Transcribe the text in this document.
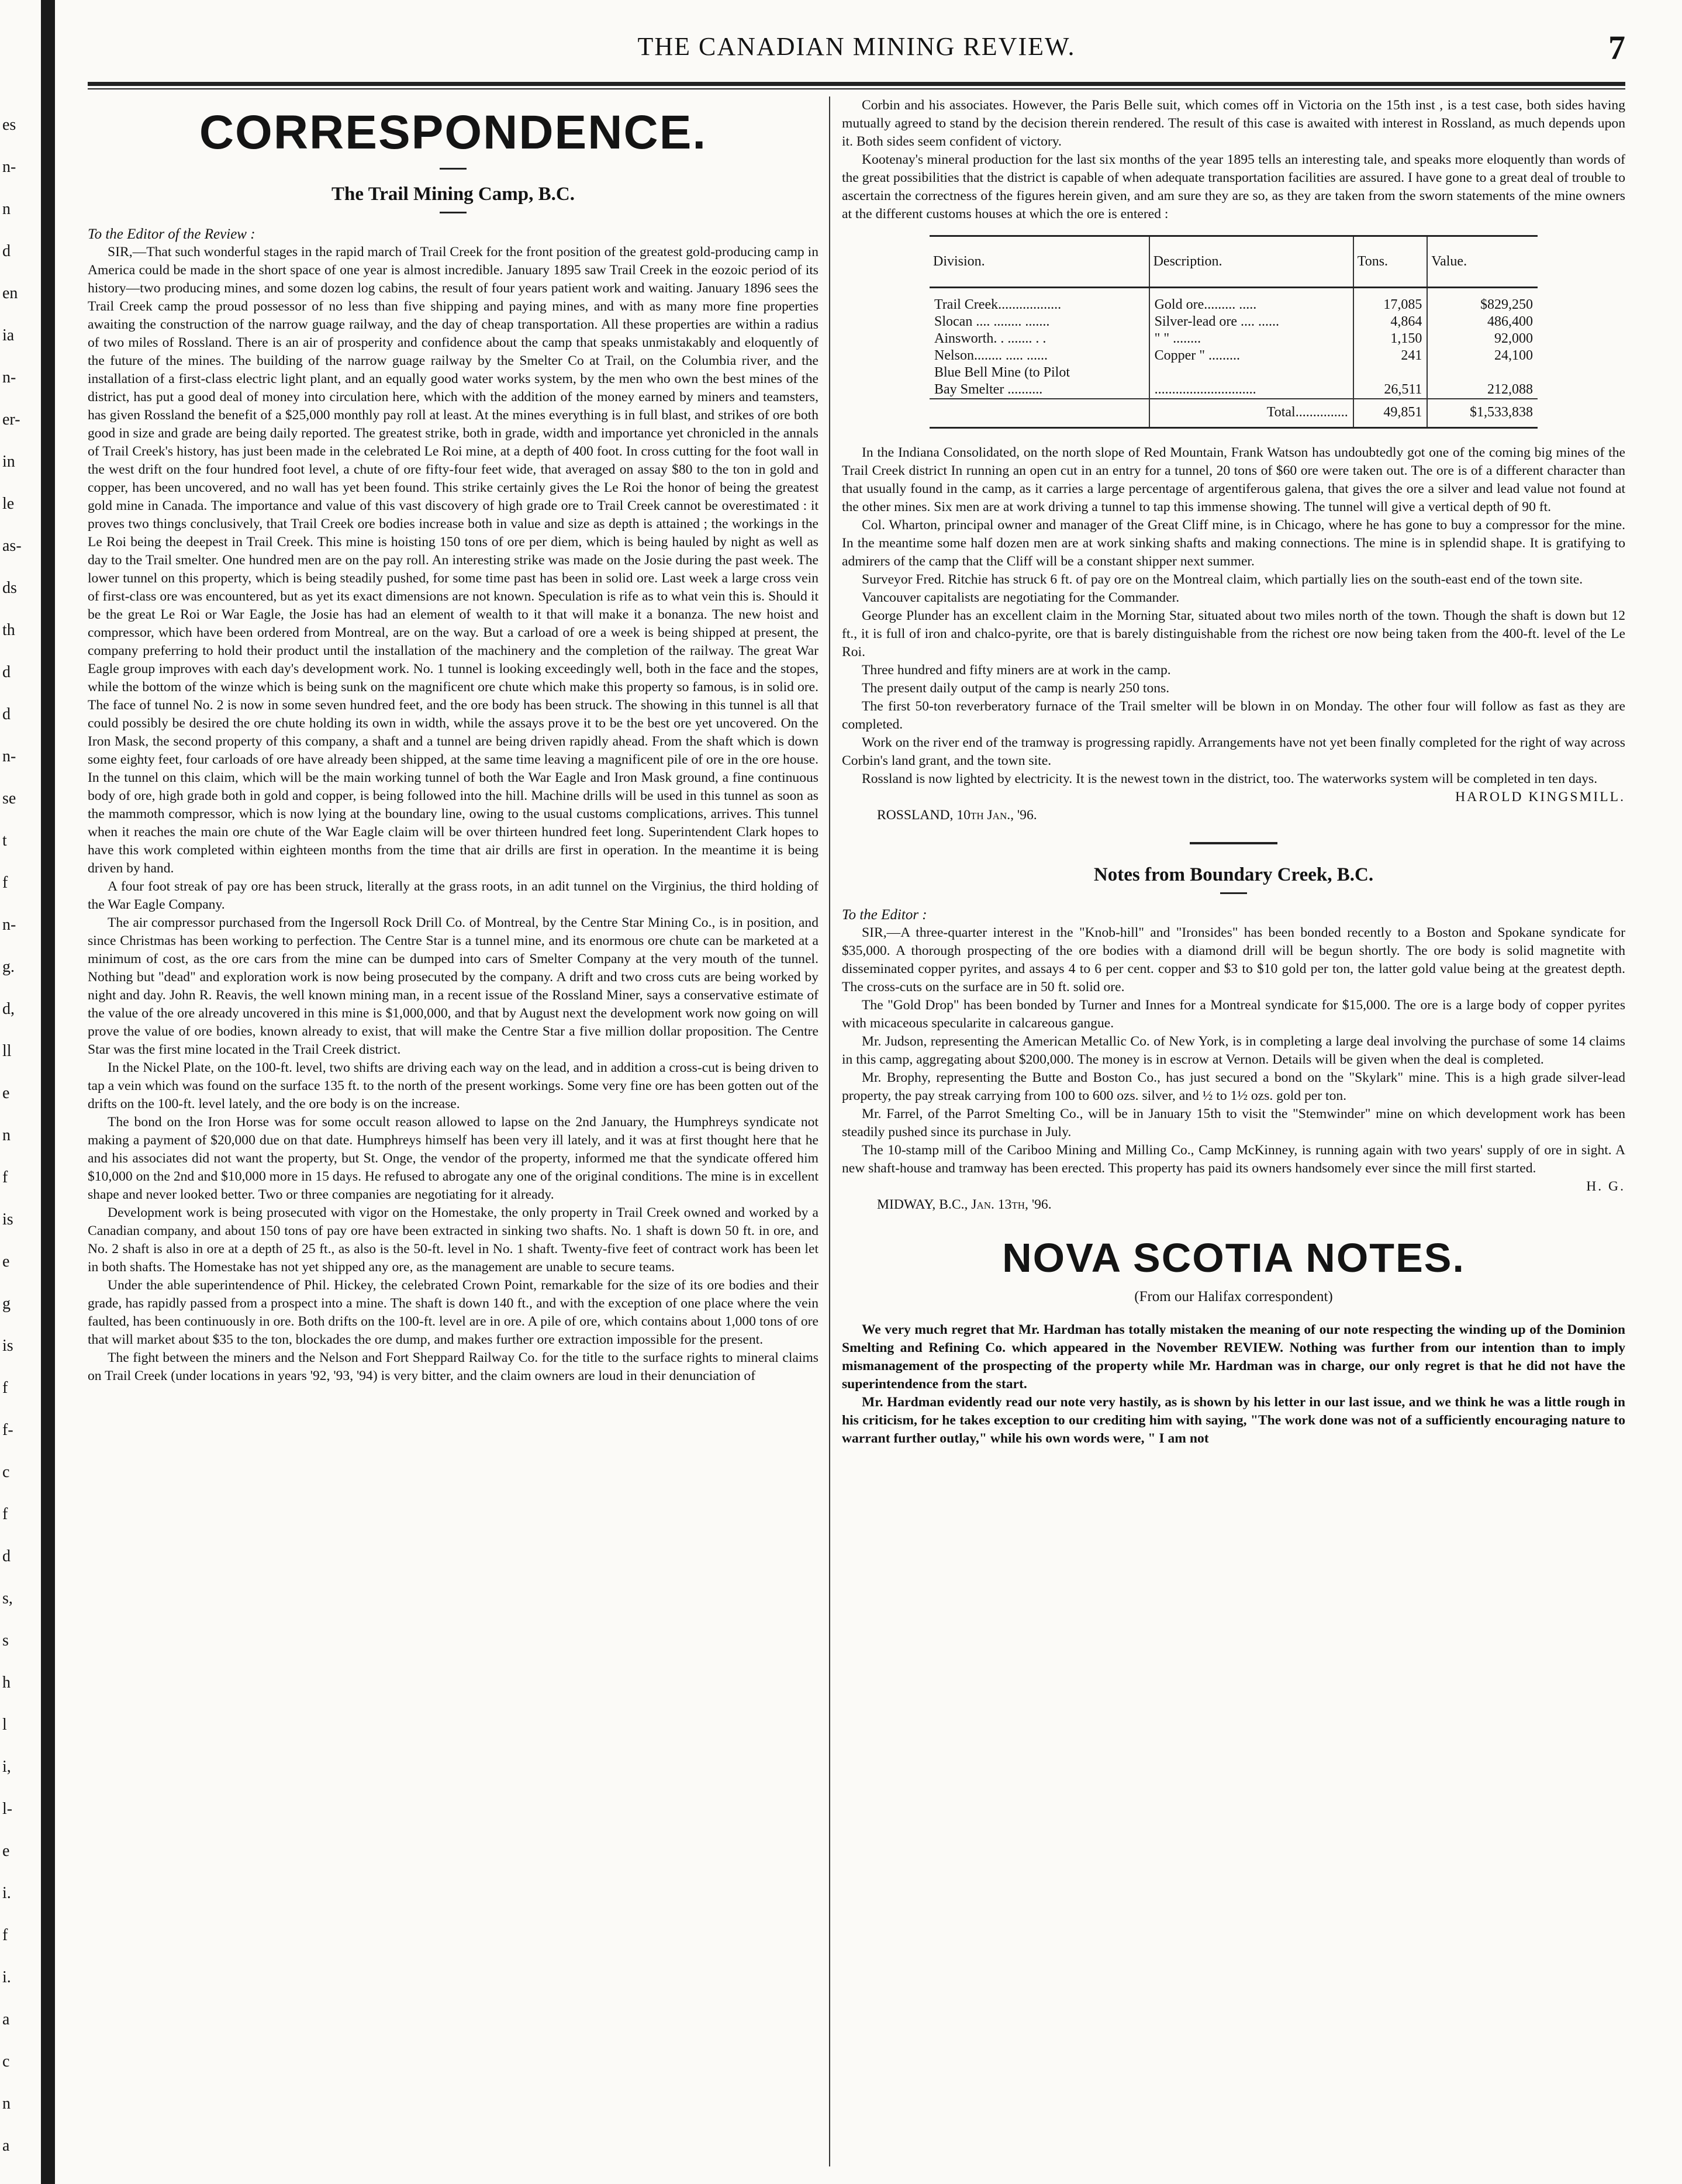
es
n-
n
d
en
ia
n-
er-
in
le
as-
ds
th
d
d
n-
se
t
f
n-
g.
d,
ll
e
n
f
is
e
g
is
f
f-
c
f
d
s,
s
h
l
i,
l-
e
i.
f
i.
a
c
n
a
THE CANADIAN MINING REVIEW.	7
CORRESPONDENCE.
The Trail Mining Camp, B.C.

To the Editor of the Review :

SIR,—That such wonderful stages in the rapid march of Trail Creek for the front position of the greatest gold-producing camp in America could be made in the short space of one year is almost incredible. January 1895 saw Trail Creek in the eozoic period of its history—two producing mines, and some dozen log cabins, the result of four years patient work and waiting. January 1896 sees the Trail Creek camp the proud possessor of no less than five shipping and paying mines, and with as many more fine properties awaiting the construction of the narrow guage railway, and the day of cheap transportation. All these properties are within a radius of two miles of Rossland. There is an air of prosperity and confidence about the camp that speaks unmistakably and eloquently of the future of the mines. The building of the narrow guage railway by the Smelter Co at Trail, on the Columbia river, and the installation of a first-class electric light plant, and an equally good water works system, by the men who own the best mines of the district, has put a good deal of money into circulation here, which with the addition of the money earned by miners and teamsters, has given Rossland the benefit of a $25,000 monthly pay roll at least. At the mines everything is in full blast, and strikes of ore both good in size and grade are being daily reported. The greatest strike, both in grade, width and importance yet chronicled in the annals of Trail Creek's history, has just been made in the celebrated Le Roi mine, at a depth of 400 foot. In cross cutting for the foot wall in the west drift on the four hundred foot level, a chute of ore fifty-four feet wide, that averaged on assay $80 to the ton in gold and copper, has been uncovered, and no wall has yet been found. This strike certainly gives the Le Roi the honor of being the greatest gold mine in Canada. The importance and value of this vast discovery of high grade ore to Trail Creek cannot be overestimated : it proves two things conclusively, that Trail Creek ore bodies increase both in value and size as depth is attained ; the workings in the Le Roi being the deepest in Trail Creek. This mine is hoisting 150 tons of ore per diem, which is being hauled by night as well as day to the Trail smelter. One hundred men are on the pay roll. An interesting strike was made on the Josie during the past week. The lower tunnel on this property, which is being steadily pushed, for some time past has been in solid ore. Last week a large cross vein of first-class ore was encountered, but as yet its exact dimensions are not known. Speculation is rife as to what vein this is. Should it be the great Le Roi or War Eagle, the Josie has had an element of wealth to it that will make it a bonanza. The new hoist and compressor, which have been ordered from Montreal, are on the way. But a carload of ore a week is being shipped at present, the company preferring to hold their product until the installation of the machinery and the completion of the railway. The great War Eagle group improves with each day's development work. No. 1 tunnel is looking exceedingly well, both in the face and the stopes, while the bottom of the winze which is being sunk on the magnificent ore chute which make this property so famous, is in solid ore. The face of tunnel No. 2 is now in some seven hundred feet, and the ore body has been struck. The showing in this tunnel is all that could possibly be desired the ore chute holding its own in width, while the assays prove it to be the best ore yet uncovered. On the Iron Mask, the second property of this company, a shaft and a tunnel are being driven rapidly ahead. From the shaft which is down some eighty feet, four carloads of ore have already been shipped, at the same time leaving a magnificent pile of ore in the ore house. In the tunnel on this claim, which will be the main working tunnel of both the War Eagle and Iron Mask ground, a fine continuous body of ore, high grade both in gold and copper, is being followed into the hill. Machine drills will be used in this tunnel as soon as the mammoth compressor, which is now lying at the boundary line, owing to the usual customs complications, arrives. This tunnel when it reaches the main ore chute of the War Eagle claim will be over thirteen hundred feet long. Superintendent Clark hopes to have this work completed within eighteen months from the time that air drills are first in operation. In the meantime it is being driven by hand.

A four foot streak of pay ore has been struck, literally at the grass roots, in an adit tunnel on the Virginius, the third holding of the War Eagle Company.

The air compressor purchased from the Ingersoll Rock Drill Co. of Montreal, by the Centre Star Mining Co., is in position, and since Christmas has been working to perfection. The Centre Star is a tunnel mine, and its enormous ore chute can be marketed at a minimum of cost, as the ore cars from the mine can be dumped into cars of Smelter Company at the very mouth of the tunnel. Nothing but "dead" and exploration work is now being prosecuted by the company. A drift and two cross cuts are being worked by night and day. John R. Reavis, the well known mining man, in a recent issue of the Rossland Miner, says a conservative estimate of the value of the ore already uncovered in this mine is $1,000,000, and that by August next the development work now going on will prove the value of ore bodies, known already to exist, that will make the Centre Star a five million dollar proposition. The Centre Star was the first mine located in the Trail Creek district.

In the Nickel Plate, on the 100-ft. level, two shifts are driving each way on the lead, and in addition a cross-cut is being driven to tap a vein which was found on the surface 135 ft. to the north of the present workings. Some very fine ore has been gotten out of the drifts on the 100-ft. level lately, and the ore body is on the increase.

The bond on the Iron Horse was for some occult reason allowed to lapse on the 2nd January, the Humphreys syndicate not making a payment of $20,000 due on that date. Humphreys himself has been very ill lately, and it was at first thought here that he and his associates did not want the property, but St. Onge, the vendor of the property, informed me that the syndicate offered him $10,000 on the 2nd and $10,000 more in 15 days. He refused to abrogate any one of the original conditions. The mine is in excellent shape and never looked better. Two or three companies are negotiating for it already.

Development work is being prosecuted with vigor on the Homestake, the only property in Trail Creek owned and worked by a Canadian company, and about 150 tons of pay ore have been extracted in sinking two shafts. No. 1 shaft is down 50 ft. in ore, and No. 2 shaft is also in ore at a depth of 25 ft., as also is the 50-ft. level in No. 1 shaft. Twenty-five feet of contract work has been let in both shafts. The Homestake has not yet shipped any ore, as the management are unable to secure teams.

Under the able superintendence of Phil. Hickey, the celebrated Crown Point, remarkable for the size of its ore bodies and their grade, has rapidly passed from a prospect into a mine. The shaft is down 140 ft., and with the exception of one place where the vein faulted, has been continuously in ore. Both drifts on the 100-ft. level are in ore. A pile of ore, which contains about 1,000 tons of ore that will market about $35 to the ton, blockades the ore dump, and makes further ore extraction impossible for the present.

The fight between the miners and the Nelson and Fort Sheppard Railway Co. for the title to the surface rights to mineral claims on Trail Creek (under locations in years '92, '93, '94) is very bitter, and the claim owners are loud in their denunciation of

Corbin and his associates. However, the Paris Belle suit, which comes off in Victoria on the 15th inst , is a test case, both sides having mutually agreed to stand by the decision therein rendered. The result of this case is awaited with interest in Rossland, as much depends upon it. Both sides seem confident of victory.

Kootenay's mineral production for the last six months of the year 1895 tells an interesting tale, and speaks more eloquently than words of the great possibilities that the district is capable of when adequate transportation facilities are assured. I have gone to a great deal of trouble to ascertain the correctness of the figures herein given, and am sure they are so, as they are taken from the sworn statements of the mine owners at the different customs houses at which the ore is entered :

Division.	Description.	Tons.	Value.
Trail Creek..................	Gold ore......... .....	17,085	$829,250
Slocan .... ........ .......	Silver-lead ore .... ......	4,864	486,400
Ainsworth. . ....... . .	" " ........	1,150	92,000
Nelson........ ..... ......	Copper " .........	241	24,100
Blue Bell Mine (to Pilot			
Bay Smelter ..........	.............................	26,511	212,088
	Total...............	49,851	$1,533,838

In the Indiana Consolidated, on the north slope of Red Mountain, Frank Watson has undoubtedly got one of the coming big mines of the Trail Creek district In running an open cut in an entry for a tunnel, 20 tons of $60 ore were taken out. The ore is of a different character than that usually found in the camp, as it carries a large percentage of argentiferous galena, that gives the ore a silver and lead value not found at the other mines. Six men are at work driving a tunnel to tap this immense showing. The tunnel will give a vertical depth of 90 ft.

Col. Wharton, principal owner and manager of the Great Cliff mine, is in Chicago, where he has gone to buy a compressor for the mine. In the meantime some half dozen men are at work sinking shafts and making connections. The mine is in splendid shape. It is gratifying to admirers of the camp that the Cliff will be a constant shipper next summer.

Surveyor Fred. Ritchie has struck 6 ft. of pay ore on the Montreal claim, which partially lies on the south-east end of the town site.

Vancouver capitalists are negotiating for the Commander.

George Plunder has an excellent claim in the Morning Star, situated about two miles north of the town. Though the shaft is down but 12 ft., it is full of iron and chalco-pyrite, ore that is barely distinguishable from the richest ore now being taken from the 400-ft. level of the Le Roi.

Three hundred and fifty miners are at work in the camp.

The present daily output of the camp is nearly 250 tons.

The first 50-ton reverberatory furnace of the Trail smelter will be blown in on Monday. The other four will follow as fast as they are completed.

Work on the river end of the tramway is progressing rapidly. Arrangements have not yet been finally completed for the right of way across Corbin's land grant, and the town site.

Rossland is now lighted by electricity. It is the newest town in the district, too. The waterworks system will be completed in ten days.

HAROLD KINGSMILL.

ROSSLAND, 10th Jan., '96.

Notes from Boundary Creek, B.C.

To the Editor :

SIR,—A three-quarter interest in the "Knob-hill" and "Ironsides" has been bonded recently to a Boston and Spokane syndicate for $35,000. A thorough prospecting of the ore bodies with a diamond drill will be begun shortly. The ore body is solid magnetite with disseminated copper pyrites, and assays 4 to 6 per cent. copper and $3 to $10 gold per ton, the latter gold value being at the greatest depth. The cross-cuts on the surface are in 50 ft. solid ore.

The "Gold Drop" has been bonded by Turner and Innes for a Montreal syndicate for $15,000. The ore is a large body of copper pyrites with micaceous specularite in calcareous gangue.

Mr. Judson, representing the American Metallic Co. of New York, is in completing a large deal involving the purchase of some 14 claims in this camp, aggregating about $200,000. The money is in escrow at Vernon. Details will be given when the deal is completed.

Mr. Brophy, representing the Butte and Boston Co., has just secured a bond on the "Skylark" mine. This is a high grade silver-lead property, the pay streak carrying from 100 to 600 ozs. silver, and ½ to 1½ ozs. gold per ton.

Mr. Farrel, of the Parrot Smelting Co., will be in January 15th to visit the "Stemwinder" mine on which development work has been steadily pushed since its purchase in July.

The 10-stamp mill of the Cariboo Mining and Milling Co., Camp McKinney, is running again with two years' supply of ore in sight. A new shaft-house and tramway has been erected. This property has paid its owners handsomely ever since the mill first started.

H. G.

MIDWAY, B.C., Jan. 13th, '96.

NOVA SCOTIA NOTES.
(From our Halifax correspondent)

We very much regret that Mr. Hardman has totally mistaken the meaning of our note respecting the winding up of the Dominion Smelting and Refining Co. which appeared in the November REVIEW. Nothing was further from our intention than to imply mismanagement of the prospecting of the property while Mr. Hardman was in charge, our only regret is that he did not have the superintendence from the start.

Mr. Hardman evidently read our note very hastily, as is shown by his letter in our last issue, and we think he was a little rough in his criticism, for he takes exception to our crediting him with saying, "The work done was not of a sufficiently encouraging nature to warrant further outlay," while his own words were, " I am not
